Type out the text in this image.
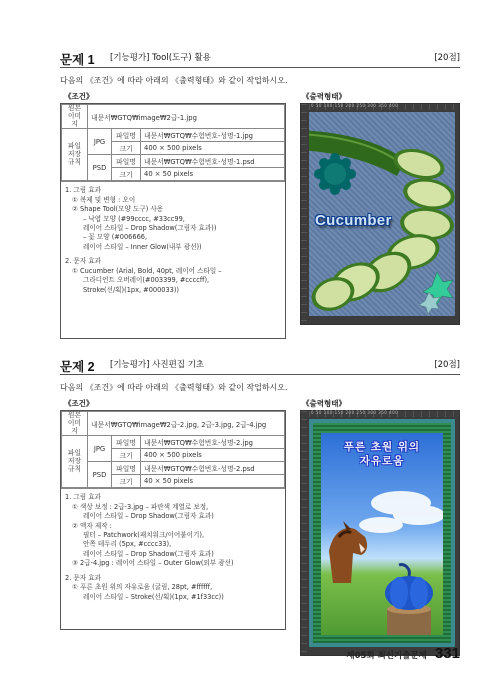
문제 1 [기능평가] Tool(도구) 활용	[20점]
다음의 《조건》에 따라 아래의 《출력형태》와 같이 작업하시오.
《조건》	《출력형태》
원본
이미지	내문서₩GTQ₩image₩2급-1.jpg		
파일
저장
규칙	JPG	파일명	내문서₩GTQ₩수험번호-성명-1.jpg
		크기	400 × 500 pixels
	PSD	파일명	내문서₩GTQ₩수험번호-성명-1.psd
		크기	40 × 50 pixels
1. 그림 효과
① 복제 및 변형 : 오이
② Shape Tool(모양 도구) 사용
– 낙엽 모양 (#99cccc, #33cc99,
레이어 스타일 – Drop Shadow(그림자 효과))
– 꽃 모양 (#006666,
레이어 스타일 – Inner Glow(내부 광선))
2. 문자 효과
① Cucumber (Arial, Bold, 40pt, 레이어 스타일 –
그라디언트 오버레이(#003399, #ccccff),
Stroke(선/획)(1px, #000033))
0 50 100 150 200 250 300 350 400
Cucumber
문제 2 [기능평가] 사진편집 기초	[20점]
다음의 《조건》에 따라 아래의 《출력형태》와 같이 작업하시오.
《조건》	《출력형태》
원본
이미지	내문서₩GTQ₩image₩2급-2.jpg, 2급-3.jpg, 2급-4.jpg		
파일
저장
규칙	JPG	파일명	내문서₩GTQ₩수험번호-성명-2.jpg
		크기	400 × 500 pixels
	PSD	파일명	내문서₩GTQ₩수험번호-성명-2.psd
		크기	40 × 50 pixels
1. 그림 효과
① 색상 보정 : 2급-3.jpg – 파란색 계열로 보정,
레이어 스타일 – Drop Shadow(그림자 효과)
② 액자 제작 :
필터 – Patchwork(패치워크/이어붙이기),
안쪽 테두리 (5px, #cccc33),
레이어 스타일 – Drop Shadow(그림자 효과)
③ 2급-4.jpg : 레이어 스타일 – Outer Glow(외부 광선)
2. 문자 효과
① 푸른 초원 위의 자유로움 (굴림, 28pt, #ffffff,
레이어 스타일 – Stroke(선/획)(1px, #1f33cc))
0 50 100 150 200 250 300 350 400
푸른 초원 위의
자유로움
제05회 최신기출문제 331
